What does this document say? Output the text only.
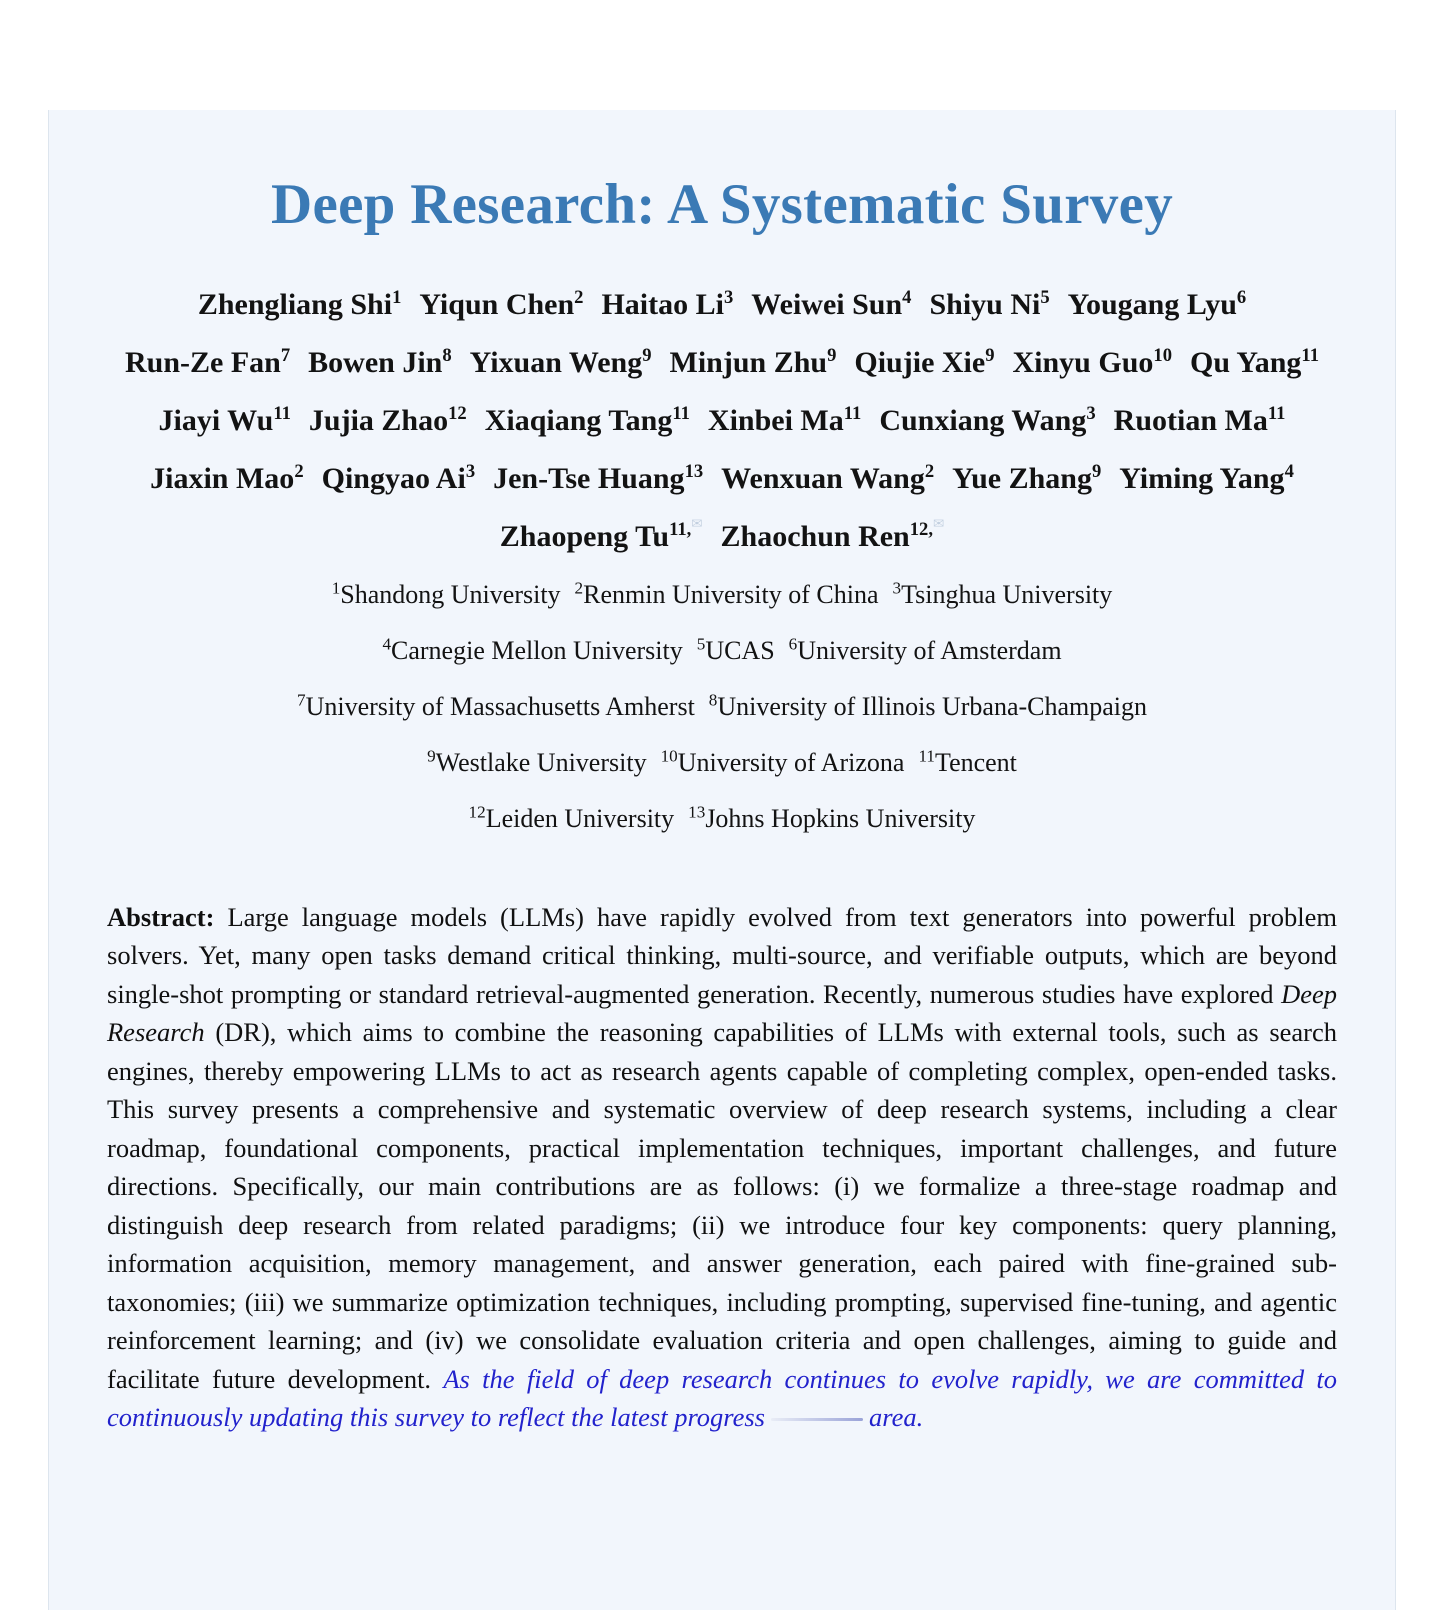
Deep Research: A Systematic Survey
Zhengliang Shi$^1$ Yiqun Chen$^2$ Haitao Li$^3$ Weiwei Sun$^4$ Shiyu Ni$^5$ Yougang Lyu$^6$
Run-Ze Fan$^7$ Bowen Jin$^8$ Yixuan Weng$^9$ Minjun Zhu$^9$ Qiujie Xie$^9$ Xinyu Guo$^{10}$ Qu Yang$^{11}$
Jiayi Wu$^{11}$ Jujia Zhao$^{12}$ Xiaqiang Tang$^{11}$ Xinbei Ma$^{11}$ Cunxiang Wang$^3$ Ruotian Ma$^{11}$
Jiaxin Mao$^2$ Qingyao Ai$^3$ Jen-Tse Huang$^{13}$ Wenxuan Wang$^2$ Yue Zhang$^9$ Yiming Yang$^4$
Zhaopeng $Tu^{11,^✉}$ Zhaochun Ren$^{12,^✉}$
$^1$Shandong University $^2$Renmin University of China $^3$Tsinghua University
$^4$Carnegie Mellon University $^5$UCAS $^6$University of Amsterdam
$^7$University of Massachusetts Amherst $^8$University of Illinois Urbana-Champaign
$^9$Westlake University $^{10}$University of Arizona $^{11}$Tencent
$^{12}$Leiden University $^{13}$Johns Hopkins University

Abstract: Large language models (LLMs) have rapidly evolved from text generators into powerful problem solvers. Yet, many open tasks demand critical thinking, multi-source, and verifiable outputs, which are beyond single-shot prompting or standard retrieval-augmented generation. Recently, numerous studies have explored Deep Research (DR), which aims to combine the reasoning capabilities of LLMs with external tools, such as search engines, thereby empowering LLMs to act as research agents capable of completing complex, open-ended tasks. This survey presents a comprehensive and systematic overview of deep research systems, including a clear roadmap, foundational components, practical implementation techniques, important challenges, and future directions. Specifically, our main contributions are as follows: (i) we formalize a three-stage roadmap and distinguish deep research from related paradigms; (ii) we introduce four key components: query planning, information acquisition, memory management, and answer generation, each paired with fine-grained sub-taxonomies; (iii) we summarize optimization techniques, including prompting, supervised fine-tuning, and agentic reinforcement learning; and (iv) we consolidate evaluation criteria and open challenges, aiming to guide and facilitate future development. As the field of deep research continues to evolve rapidly, we are committed to continuously updating this survey to reflect the latest progress	area.
